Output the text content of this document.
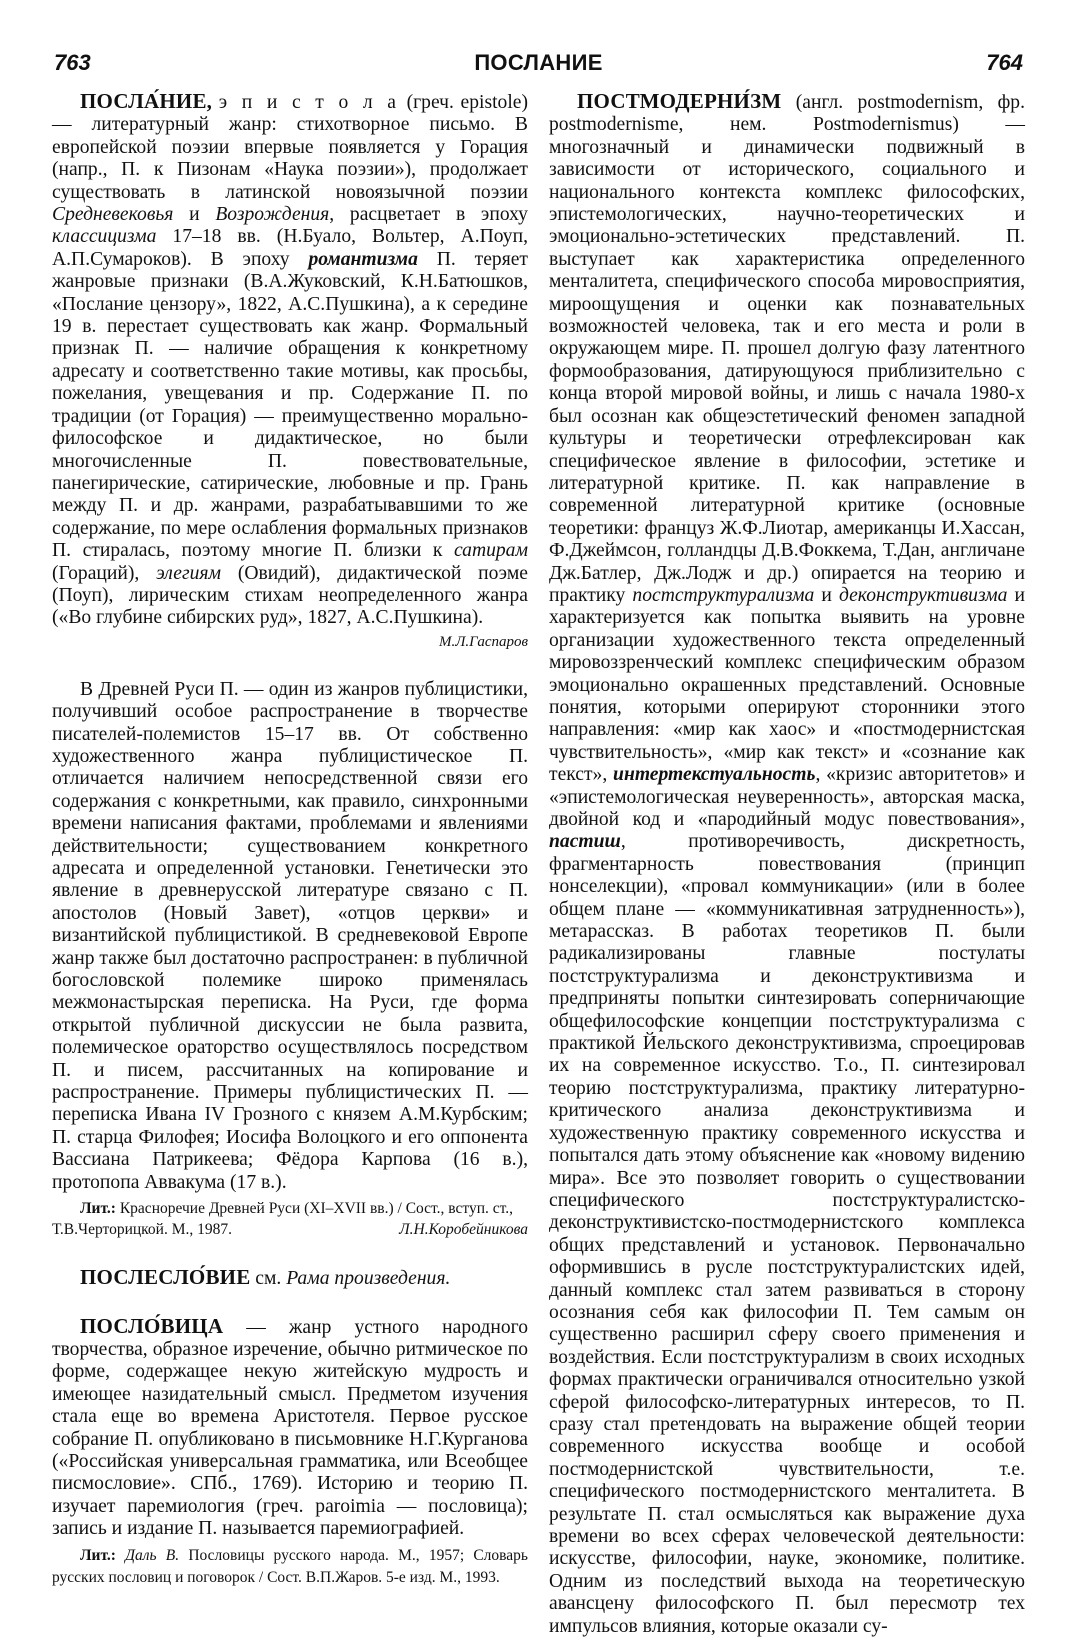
763	ПОСЛАНИЕ	764

ПОСЛА́НИЕ, э п и с т о л а (греч. epistole) — литературный жанр: стихотворное письмо. В европейской поэзии впервые появляется у Горация (напр., П. к Пизонам «Наука поэзии»), продолжает существовать в латинской новоязычной поэзии Средневековья и Возрождения, расцветает в эпоху классицизма 17–18 вв. (Н.Буало, Вольтер, А.Поуп, А.П.Сумароков). В эпоху романтизма П. теряет жанровые признаки (В.А.Жуковский, К.Н.Батюшков, «Послание цензору», 1822, А.С.Пушкина), а к середине 19 в. перестает существовать как жанр. Формальный признак П. — наличие обращения к конкретному адресату и соответственно такие мотивы, как просьбы, пожелания, увещевания и пр. Содержание П. по традиции (от Горация) — преимущественно морально-философское и дидактическое, но были многочисленные П. повествовательные, панегирические, сатирические, любовные и пр. Грань между П. и др. жанрами, разрабатывавшими то же содержание, по мере ослабления формальных признаков П. стиралась, поэтому многие П. близки к сатирам (Гораций), элегиям (Овидий), дидактической поэме (Поуп), лирическим стихам неопределенного жанра («Во глубине сибирских руд», 1827, А.С.Пушкина).

М.Л.Гаспаров

В Древней Руси П. — один из жанров публицистики, получивший особое распространение в творчестве писателей-полемистов 15–17 вв. От собственно художественного жанра публицистическое П. отличается наличием непосредственной связи его содержания с конкретными, как правило, синхронными времени написания фактами, проблемами и явлениями действительности; существованием конкретного адресата и определенной установки. Генетически это явление в древнерусской литературе связано с П. апостолов (Новый Завет), «отцов церкви» и византийской публицистикой. В средневековой Европе жанр также был достаточно распространен: в публичной богословской полемике широко применялась межмонастырская переписка. На Руси, где форма открытой публичной дискуссии не была развита, полемическое ораторство осуществлялось посредством П. и писем, рассчитанных на копирование и распространение. Примеры публицистических П. — переписка Ивана IV Грозного с князем А.М.Курбским; П. старца Филофея; Иосифа Волоцкого и его оппонента Вассиана Патрикеева; Фёдора Карпова (16 в.), протопопа Аввакума (17 в.).

Лит.: Красноречие Древней Руси (XI–XVII вв.) / Сост., вступ. ст.,
Т.В.Черторицкой. М., 1987.	Л.Н.Коробейникова

ПОСЛЕСЛО́ВИЕ см. Рама произведения.

ПОСЛО́ВИЦА — жанр устного народного творчества, образное изречение, обычно ритмическое по форме, содержащее некую житейскую мудрость и имеющее назидательный смысл. Предметом изучения стала еще во времена Аристотеля. Первое русское собрание П. опубликовано в письмовнике Н.Г.Курганова («Российская универсальная грамматика, или Всеобщее писмословие». СПб., 1769). Историю и теорию П. изучает паремиология (греч. paroimia — пословица); запись и издание П. называется паремиографией.

Лит.: Даль В. Пословицы русского народа. М., 1957; Словарь русских пословиц и поговорок / Сост. В.П.Жаров. 5-е изд. М., 1993.

ПОСТМОДЕРНИ́ЗМ (англ. postmodernism, фр. postmodernisme, нем. Postmodernismus) — многозначный и динамически подвижный в зависимости от исторического, социального и национального контекста комплекс философских, эпистемологических, научно-теоретических и эмоционально-эстетических представлений. П. выступает как характеристика определенного менталитета, специфического способа мировосприятия, мироощущения и оценки как познавательных возможностей человека, так и его места и роли в окружающем мире. П. прошел долгую фазу латентного формообразования, датирующуюся приблизительно с конца второй мировой войны, и лишь с начала 1980-х был осознан как общеэстетический феномен западной культуры и теоретически отрефлексирован как специфическое явление в философии, эстетике и литературной критике. П. как направление в современной литературной критике (основные теоретики: француз Ж.Ф.Лиотар, американцы И.Хассан, Ф.Джеймсон, голландцы Д.В.Фоккема, Т.Дан, англичане Дж.Батлер, Дж.Лодж и др.) опирается на теорию и практику постструктурализма и деконструктивизма и характеризуется как попытка выявить на уровне организации художественного текста определенный мировоззренческий комплекс специфическим образом эмоционально окрашенных представлений. Основные понятия, которыми оперируют сторонники этого направления: «мир как хаос» и «постмодернистская чувствительность», «мир как текст» и «сознание как текст», интертекстуальность, «кризис авторитетов» и «эпистемологическая неуверенность», авторская маска, двойной код и «пародийный модус повествования», пастиш, противоречивость, дискретность, фрагментарность повествования (принцип нонселекции), «провал коммуникации» (или в более общем плане — «коммуникативная затрудненность»), метарассказ. В работах теоретиков П. были радикализированы главные постулаты постструктурализма и деконструктивизма и предприняты попытки синтезировать соперничающие общефилософские концепции постструктурализма с практикой Йельского деконструктивизма, спроецировав их на современное искусство. Т.о., П. синтезировал теорию постструктурализма, практику литературно-критического анализа деконструктивизма и художественную практику современного искусства и попытался дать этому объяснение как «новому видению мира». Все это позволяет говорить о существовании специфического постструктуралистско-деконструктивистско-постмодернистского комплекса общих представлений и установок. Первоначально оформившись в русле постструктуралистских идей, данный комплекс стал затем развиваться в сторону осознания себя как философии П. Тем самым он существенно расширил сферу своего применения и воздействия. Если постструктурализм в своих исходных формах практически ограничивался относительно узкой сферой философско-литературных интересов, то П. сразу стал претендовать на выражение общей теории современного искусства вообще и особой постмодернистской чувствительности, т.е. специфического постмодернистского менталитета. В результате П. стал осмысляться как выражение духа времени во всех сферах человеческой деятельности: искусстве, философии, науке, экономике, политике. Одним из последствий выхода на теоретическую авансцену философского П. был пересмотр тех импульсов влияния, которые оказали су-
